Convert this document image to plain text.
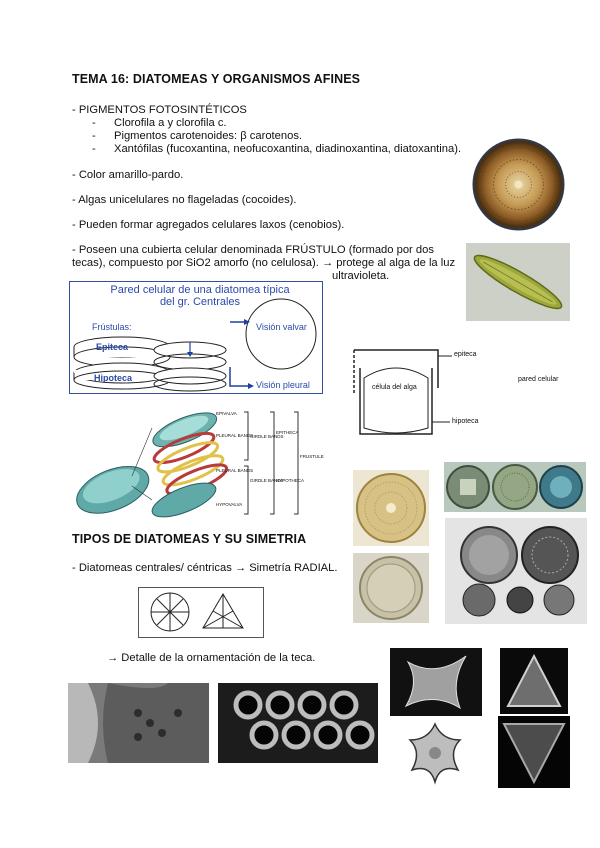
TEMA 16: DIATOMEAS Y ORGANISMOS AFINES
- PIGMENTOS FOTOSINTÉTICOS
- Clorofila a y clorofila c.
- Pigmentos carotenoides: β carotenos.
- Xantófilas (fucoxantina, neofucoxantina, diadinoxantina, diatoxantina).
- Color amarillo-pardo.
- Algas unicelulares no flageladas (cocoides).
- Pueden formar agregados celulares laxos (cenobios).
- Poseen una cubierta celular denominada FRÚSTULO (formado por dos
tecas), compuesto por SiO2 amorfo (no celulosa). → protege al alga de la luz
ultravioleta.
TIPOS DE DIATOMEAS Y SU SIMETRIA
- Diatomeas centrales/ céntricas → Simetría RADIAL.
→ Detalle de la ornamentación de la teca.
Pared celular de una diatomea típica
del gr. Centrales
Frústulas:
Epiteca
Hipoteca
Visión valvar
Visión pleural
epiteca
célula del alga
hipoteca
pared celular
EPIVALVA
PLEURAL BANDS
PLEURAL BANDS
HYPOVALVA
GIRDLE BANDS
GIRDLE BANDS
EPITHECA
HYPOTHECA
FRUSTULE
